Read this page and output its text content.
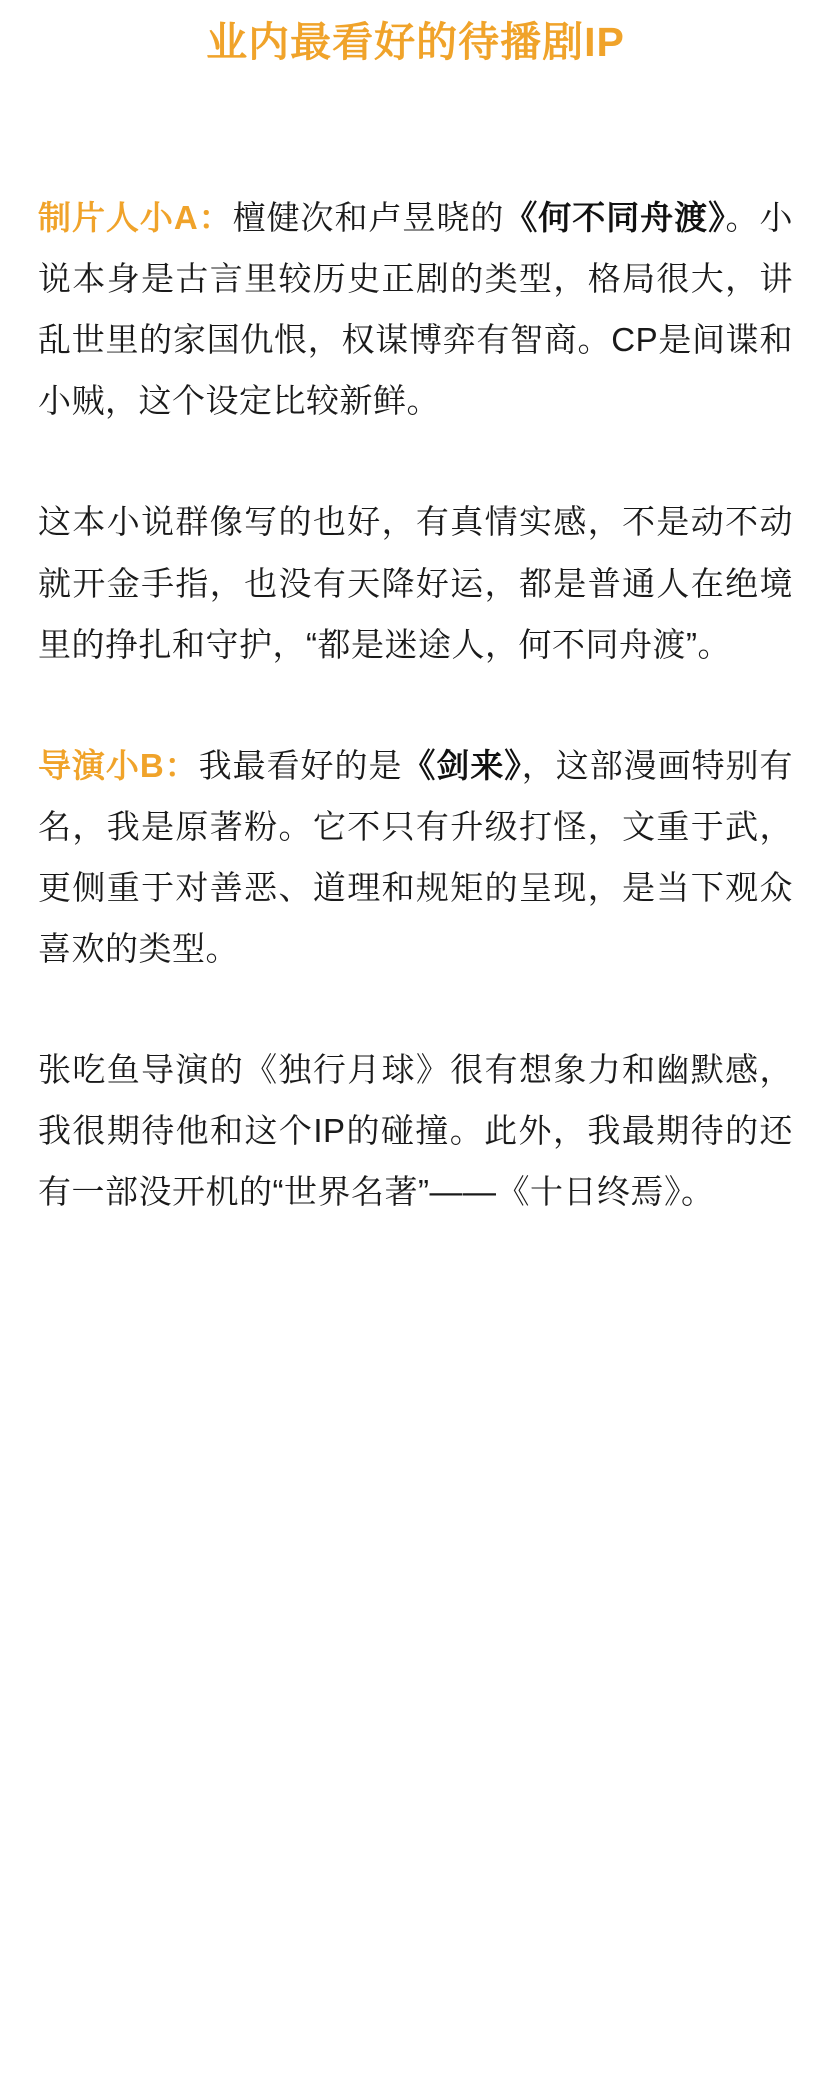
业内最看好的待播剧IP

制片人小A：檀健次和卢昱晓的《何不同舟渡》。小说本身是古言里较历史正剧的类型，格局很大，讲乱世里的家国仇恨，权谋博弈有智商。CP是间谍和小贼，这个设定比较新鲜。

这本小说群像写的也好，有真情实感，不是动不动就开金手指，也没有天降好运，都是普通人在绝境里的挣扎和守护，“都是迷途人，何不同舟渡”。

导演小B：我最看好的是《剑来》，这部漫画特别有名，我是原著粉。它不只有升级打怪，文重于武，更侧重于对善恶、道理和规矩的呈现，是当下观众喜欢的类型。

张吃鱼导演的《独行月球》很有想象力和幽默感，我很期待他和这个IP的碰撞。此外，我最期待的还有一部没开机的“世界名著”——《十日终焉》。
